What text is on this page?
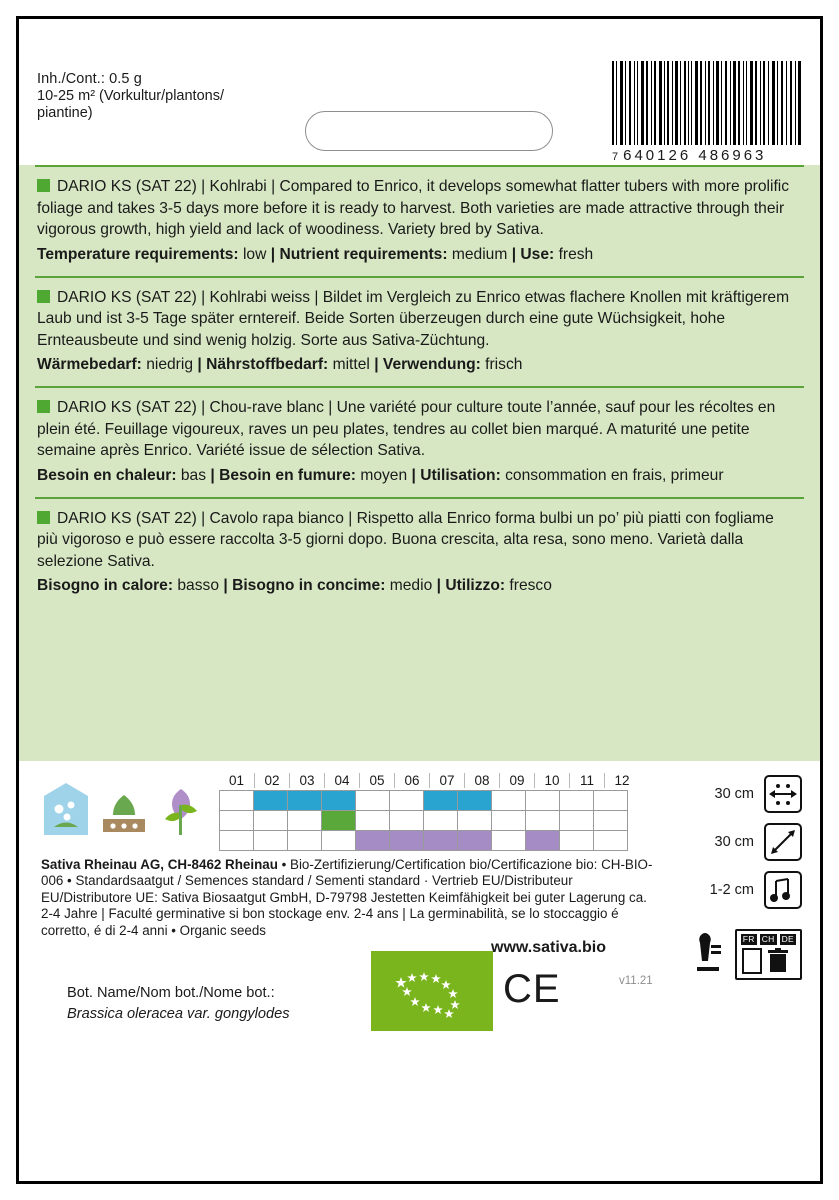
Inh./Cont.: 0.5 g
10-25 m² (Vorkultur/plantons/
piantine)
7 640126 486963
DARIO KS (SAT 22) | Kohlrabi | Compared to Enrico, it develops somewhat flatter tubers with more prolific foliage and takes 3-5 days more before it is ready to harvest. Both varieties are made attractive through their vigorous growth, high yield and lack of woodiness. Variety bred by Sativa.
Temperature requirements: low | Nutrient requirements: medium | Use: fresh
DARIO KS (SAT 22) | Kohlrabi weiss | Bildet im Vergleich zu Enrico etwas flachere Knollen mit kräftigerem Laub und ist 3-5 Tage später erntereif. Beide Sorten überzeugen durch eine gute Wüchsigkeit, hohe Ernteausbeute und sind wenig holzig. Sorte aus Sativa-Züchtung.
Wärmebedarf: niedrig | Nährstoffbedarf: mittel | Verwendung: frisch
DARIO KS (SAT 22) | Chou-rave blanc | Une variété pour culture toute l’année, sauf pour les récoltes en plein été. Feuillage vigoureux, raves un peu plates, tendres au collet bien marqué. A maturité une petite semaine après Enrico. Variété issue de sélection Sativa.
Besoin en chaleur: bas | Besoin en fumure: moyen | Utilisation: consommation en frais, primeur
DARIO KS (SAT 22) | Cavolo rapa bianco | Rispetto alla Enrico forma bulbi un po’ più piatti con fogliame più vigoroso e può essere raccolta 3-5 giorni dopo. Buona crescita, alta resa, sono meno. Varietà dalla selezione Sativa.
Bisogno in calore: basso | Bisogno in concime: medio | Utilizzo: fresco
01	02	03	04	05	06	07	08	09	10	11	12

30 cm
30 cm
1-2 cm
Sativa Rheinau AG, CH-8462 Rheinau • Bio-Zertifizierung/Certification bio/Certificazione bio: CH-BIO-006 • Standardsaatgut / Semences standard / Sementi standard · Vertrieb EU/Distributeur EU/Distributore UE: Sativa Biosaatgut GmbH, D-79798 Jestetten Keimfähigkeit bei guter Lagerung ca. 2-4 Jahre | Faculté germinative si bon stockage env. 2-4 ans | La germinabilità, se lo stoccaggio é corretto, é di 2-4 anni • Organic seeds
Bot. Name/Nom bot./Nome bot.:
Brassica oleracea var. gongylodes
www.sativa.bio
CE	v11.21
FR CH DE
